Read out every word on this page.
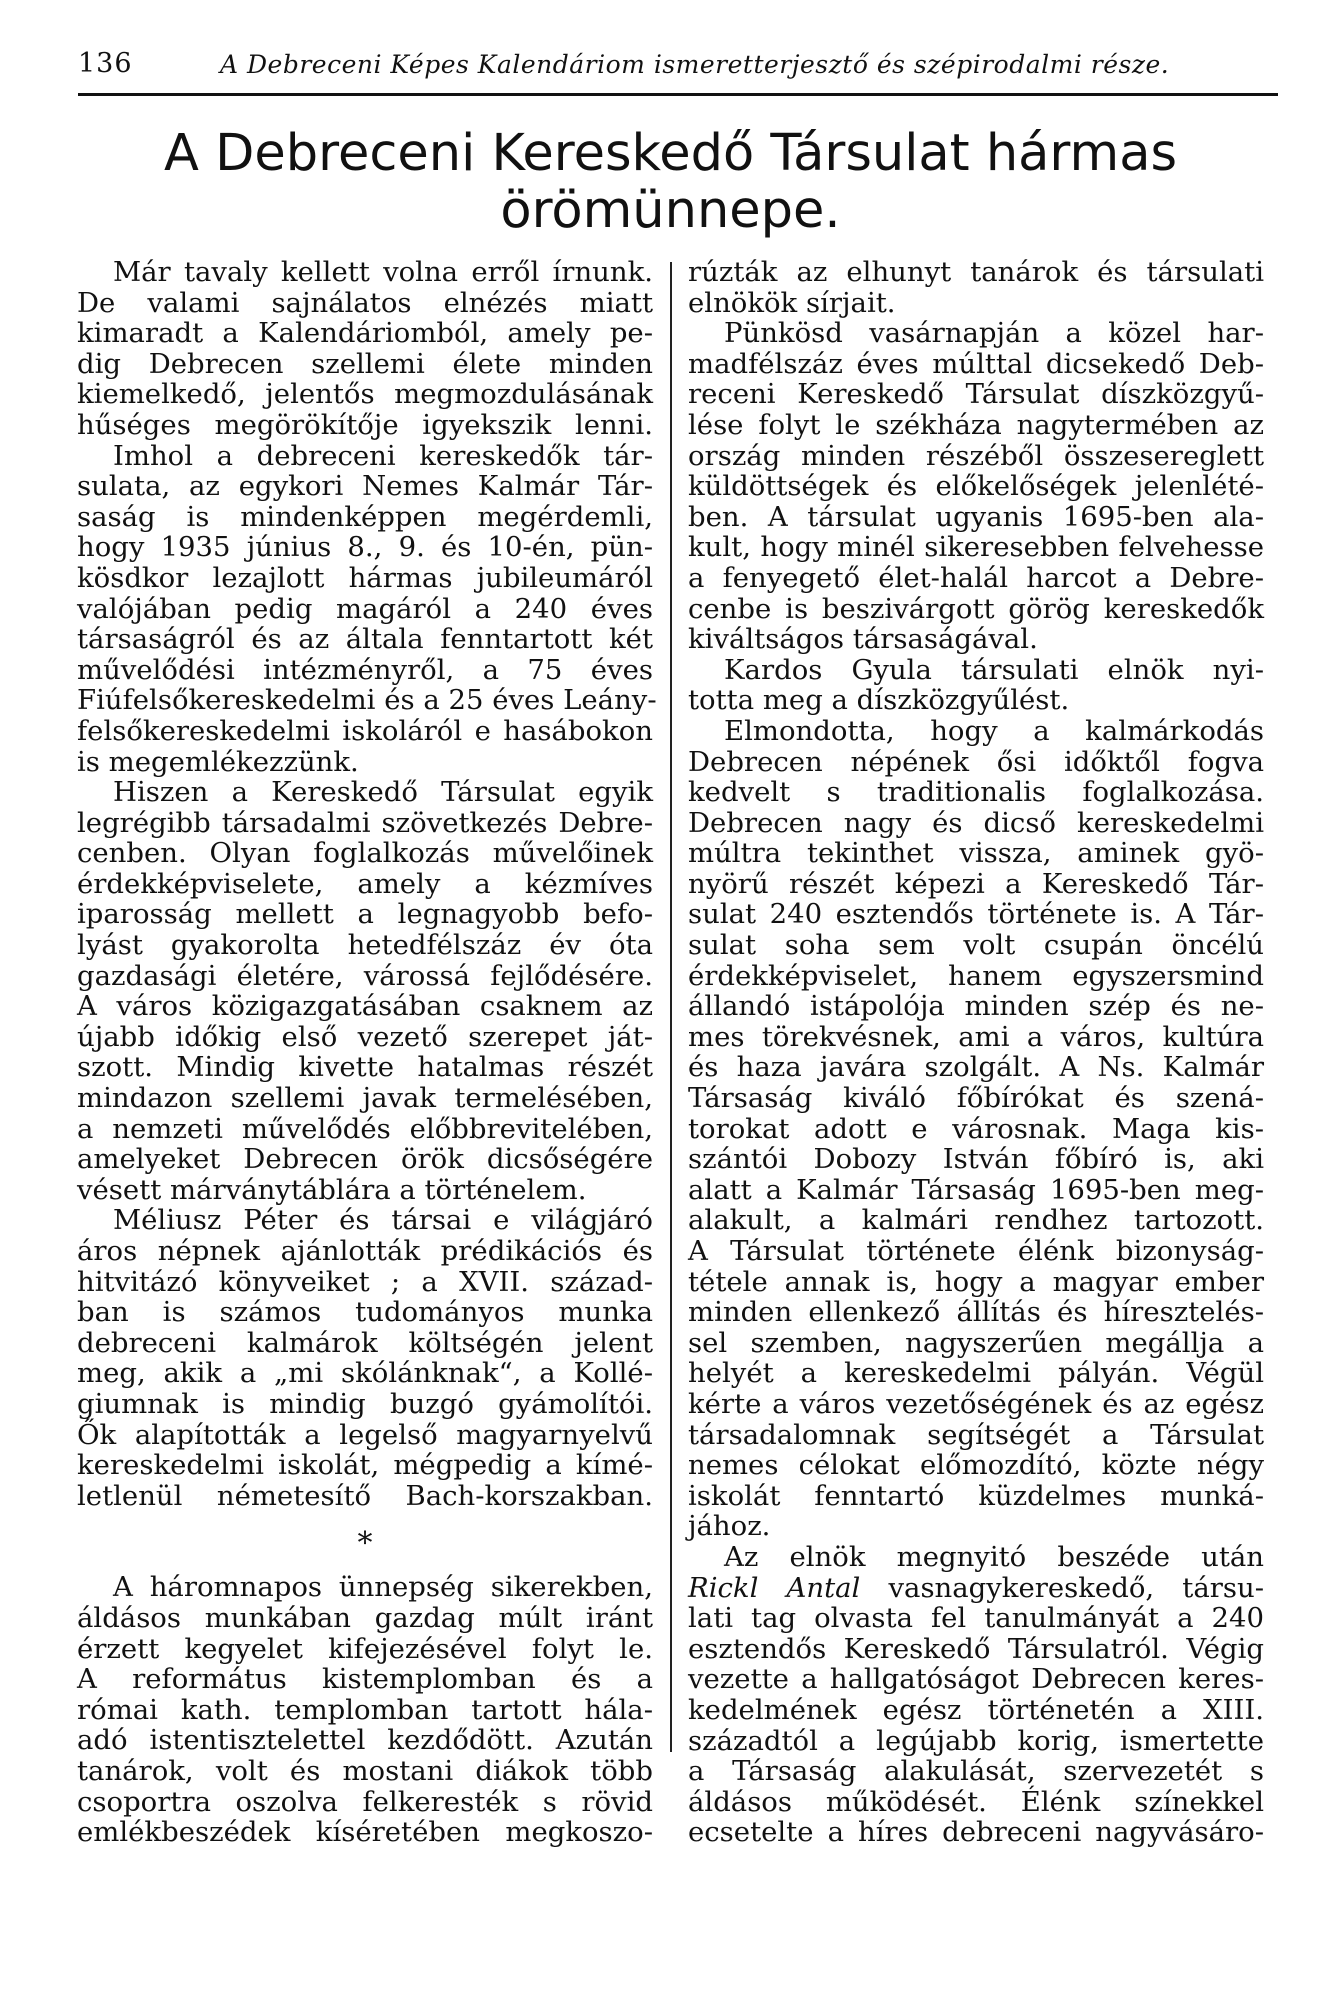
136	A Debreceni Képes Kalendáriom ismeretterjesztő és szépirodalmi része.
A Debreceni Kereskedő Társulat hármas
örömünnepe.
Már tavaly kellett volna erről írnunk.
De valami sajnálatos elnézés miatt
kimaradt a Kalendáriomból, amely pe-
dig Debrecen szellemi élete minden
kiemelkedő, jelentős megmozdulásának
hűséges megörökítője igyekszik lenni.
Imhol a debreceni kereskedők tár-
sulata, az egykori Nemes Kalmár Tár-
saság is mindenképpen megérdemli,
hogy 1935 június 8., 9. és 10-én, pün-
kösdkor lezajlott hármas jubileumáról
valójában pedig magáról a 240 éves
társaságról és az általa fenntartott két
művelődési intézményről, a 75 éves
Fiúfelsőkereskedelmi és a 25 éves Leány-
felsőkereskedelmi iskoláról e hasábokon
is megemlékezzünk.
Hiszen a Kereskedő Társulat egyik
legrégibb társadalmi szövetkezés Debre-
cenben. Olyan foglalkozás művelőinek
érdekképviselete, amely a kézmíves
iparosság mellett a legnagyobb befo-
lyást gyakorolta hetedfélszáz év óta
gazdasági életére, várossá fejlődésére.
A város közigazgatásában csaknem az
újabb időkig első vezető szerepet ját-
szott. Mindig kivette hatalmas részét
mindazon szellemi javak termelésében,
a nemzeti művelődés előbbrevitelében,
amelyeket Debrecen örök dicsőségére
vésett márványtáblára a történelem.
Méliusz Péter és társai e világjáró
áros népnek ajánlották prédikációs és
hitvitázó könyveiket ; a XVII. század-
ban is számos tudományos munka
debreceni kalmárok költségén jelent
meg, akik a „mi skólánknak“, a Kollé-
giumnak is mindig buzgó gyámolítói.
Ők alapították a legelső magyarnyelvű
kereskedelmi iskolát, mégpedig a kímé-
letlenül németesítő Bach-korszakban.
*
A háromnapos ünnepség sikerekben,
áldásos munkában gazdag múlt iránt
érzett kegyelet kifejezésével folyt le.
A református kistemplomban és a
római kath. templomban tartott hála-
adó istentisztelettel kezdődött. Azután
tanárok, volt és mostani diákok több
csoportra oszolva felkeresték s rövid
emlékbeszédek kíséretében megkoszo-
rúzták az elhunyt tanárok és társulati
elnökök sírjait.
Pünkösd vasárnapján a közel har-
madfélszáz éves múlttal dicsekedő Deb-
receni Kereskedő Társulat díszközgyű-
lése folyt le székháza nagytermében az
ország minden részéből összesereglett
küldöttségek és előkelőségek jelenlété-
ben. A társulat ugyanis 1695-ben ala-
kult, hogy minél sikeresebben felvehesse
a fenyegető élet-halál harcot a Debre-
cenbe is beszivárgott görög kereskedők
kiváltságos társaságával.
Kardos Gyula társulati elnök nyi-
totta meg a díszközgyűlést.
Elmondotta, hogy a kalmárkodás
Debrecen népének ősi időktől fogva
kedvelt s traditionalis foglalkozása.
Debrecen nagy és dicső kereskedelmi
múltra tekinthet vissza, aminek gyö-
nyörű részét képezi a Kereskedő Tár-
sulat 240 esztendős története is. A Tár-
sulat soha sem volt csupán öncélú
érdekképviselet, hanem egyszersmind
állandó istápolója minden szép és ne-
mes törekvésnek, ami a város, kultúra
és haza javára szolgált. A Ns. Kalmár
Társaság kiváló főbírókat és szená-
torokat adott e városnak. Maga kis-
szántói Dobozy István főbíró is, aki
alatt a Kalmár Társaság 1695-ben meg-
alakult, a kalmári rendhez tartozott.
A Társulat története élénk bizonyság-
tétele annak is, hogy a magyar ember
minden ellenkező állítás és híresztelés-
sel szemben, nagyszerűen megállja a
helyét a kereskedelmi pályán. Végül
kérte a város vezetőségének és az egész
társadalomnak segítségét a Társulat
nemes célokat előmozdító, közte négy
iskolát fenntartó küzdelmes munká-
jához.
Az elnök megnyitó beszéde után
Rickl Antal vasnagykereskedő, társu-
lati tag olvasta fel tanulmányát a 240
esztendős Kereskedő Társulatról. Végig
vezette a hallgatóságot Debrecen keres-
kedelmének egész történetén a XIII.
századtól a legújabb korig, ismertette
a Társaság alakulását, szervezetét s
áldásos működését. Élénk színekkel
ecsetelte a híres debreceni nagyvásáro-
